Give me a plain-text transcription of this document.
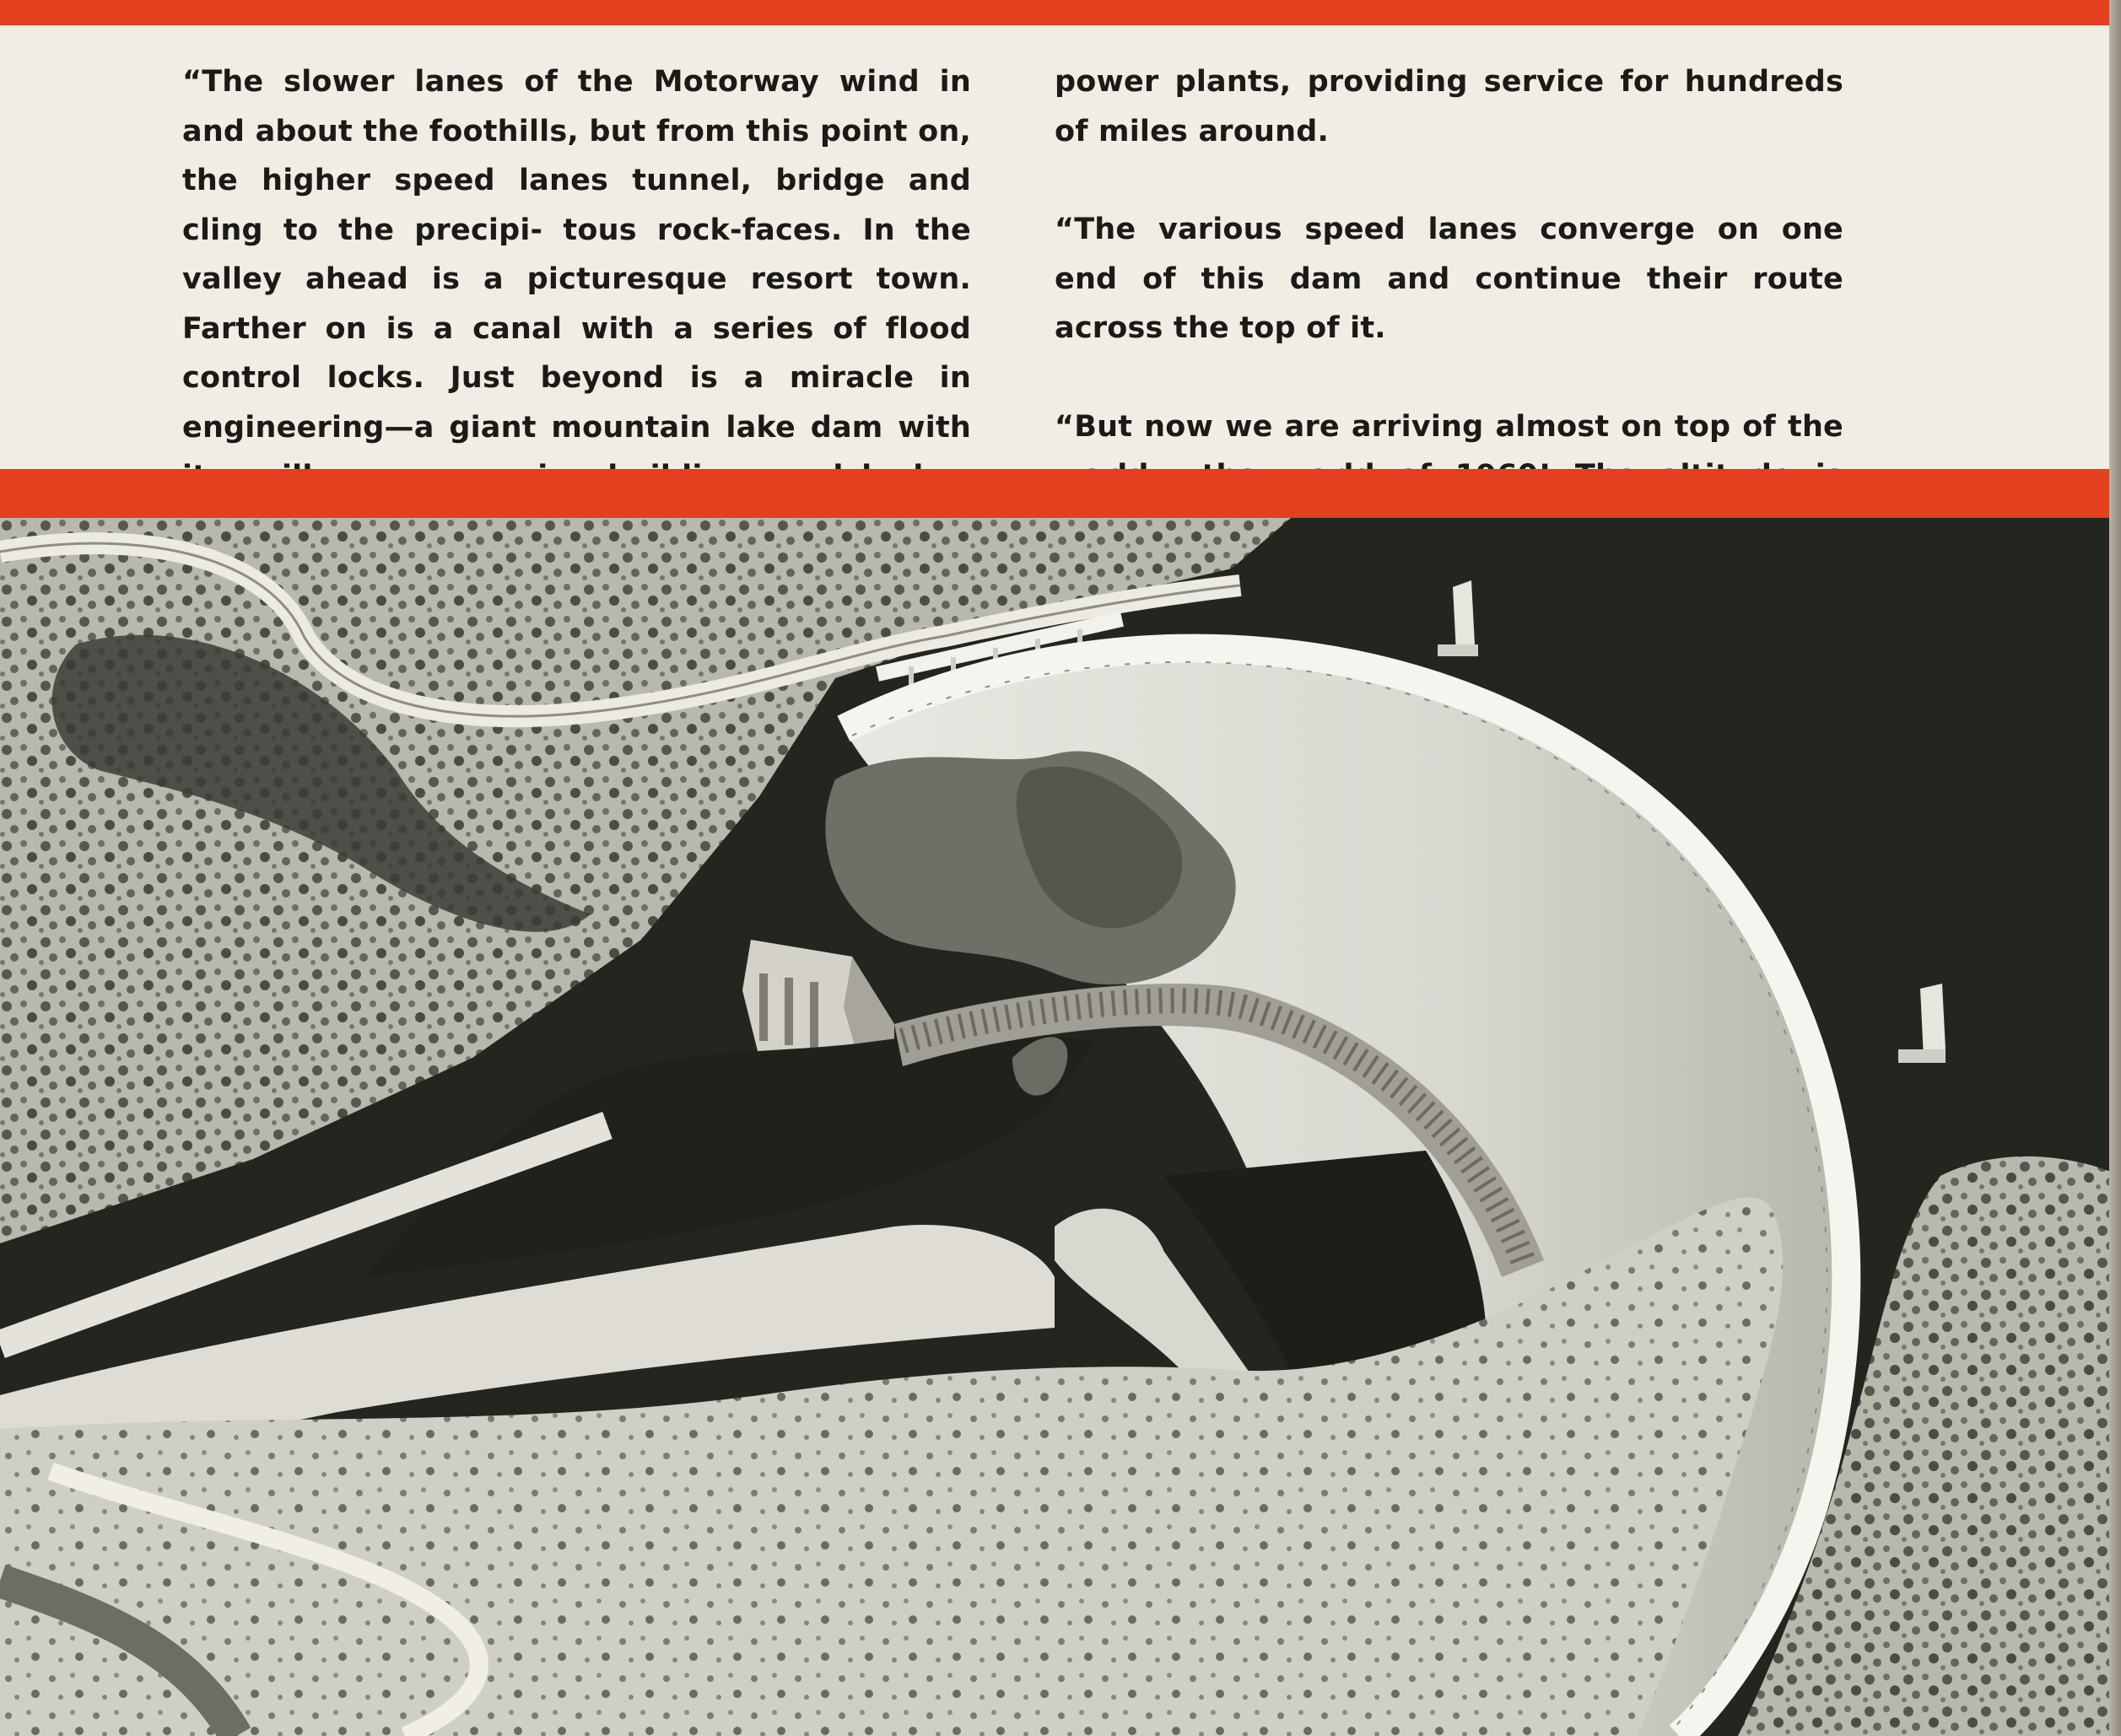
“The slower lanes of the Motorway wind in and about the foothills, but from this point on, the higher speed lanes tunnel, bridge and cling to the precipi- tous rock-faces. In the valley ahead is a picturesque resort town. Farther on is a canal with a series of flood control locks. Just beyond is a miracle in engineering—a giant mountain lake dam with

power plants, providing service for hundreds of miles around.

“The various speed lanes converge on one end of this dam and continue their route across the top of it.

“But now we are arriving almost on top of the
